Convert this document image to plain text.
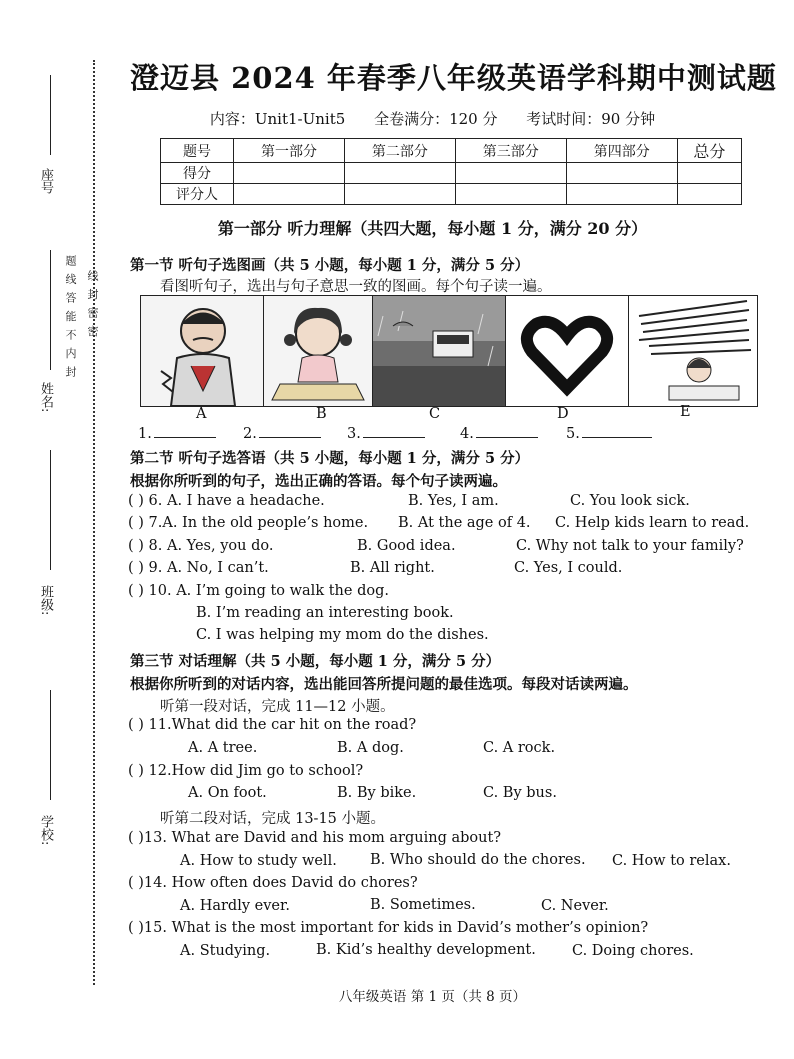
座号
姓名:
班级:
学校:
题 线 答 能 不 内 封 线 封 密 密
澄迈县 2024 年春季八年级英语学科期中测试题
内容：Unit1-Unit5 全卷满分：120 分 考试时间：90 分钟
题号	第一部分	第二部分	第三部分	第四部分	总分
得分					
评分人					
第一部分 听力理解（共四大题，每小题 1 分，满分 20 分）
第一节 听句子选图画（共 5 小题，每小题 1 分，满分 5 分）
看图听句子，选出与句子意思一致的图画。每个句子读一遍。
A	B	C	D	E
1.	2.	3.	4.	5.
第二节 听句子选答语（共 5 小题，每小题 1 分，满分 5 分）
根据你所听到的句子，选出正确的答语。每个句子读两遍。
( ) 6. A. I have a headache.	B. Yes, I am.	C. You look sick.
( ) 7.A. In the old people’s home. B. At the age of 4. C. Help kids learn to read.
( ) 8. A. Yes, you do.	B. Good idea.	C. Why not talk to your family?
( ) 9. A. No, I can’t.	B. All right.	C. Yes, I could.
( ) 10. A. I’m going to walk the dog.
B. I’m reading an interesting book.
C. I was helping my mom do the dishes.
第三节 对话理解（共 5 小题，每小题 1 分，满分 5 分）
根据你所听到的对话内容，选出能回答所提问题的最佳选项。每段对话读两遍。
听第一段对话，完成 11—12 小题。
( ) 11.What did the car hit on the road?
A. A tree.	B. A dog.	C. A rock.
( ) 12.How did Jim go to school?
A. On foot.	B. By bike.	C. By bus.
听第二段对话，完成 13-15 小题。
( )13. What are David and his mom arguing about?
A. How to study well. B. Who should do the chores. C. How to relax.
( )14. How often does David do chores?
A. Hardly ever.	B. Sometimes.	C. Never.
( )15. What is the most important for kids in David’s mother’s opinion?
A. Studying.	B. Kid’s healthy development. C. Doing chores.
八年级英语 第 1 页（共 8 页）
